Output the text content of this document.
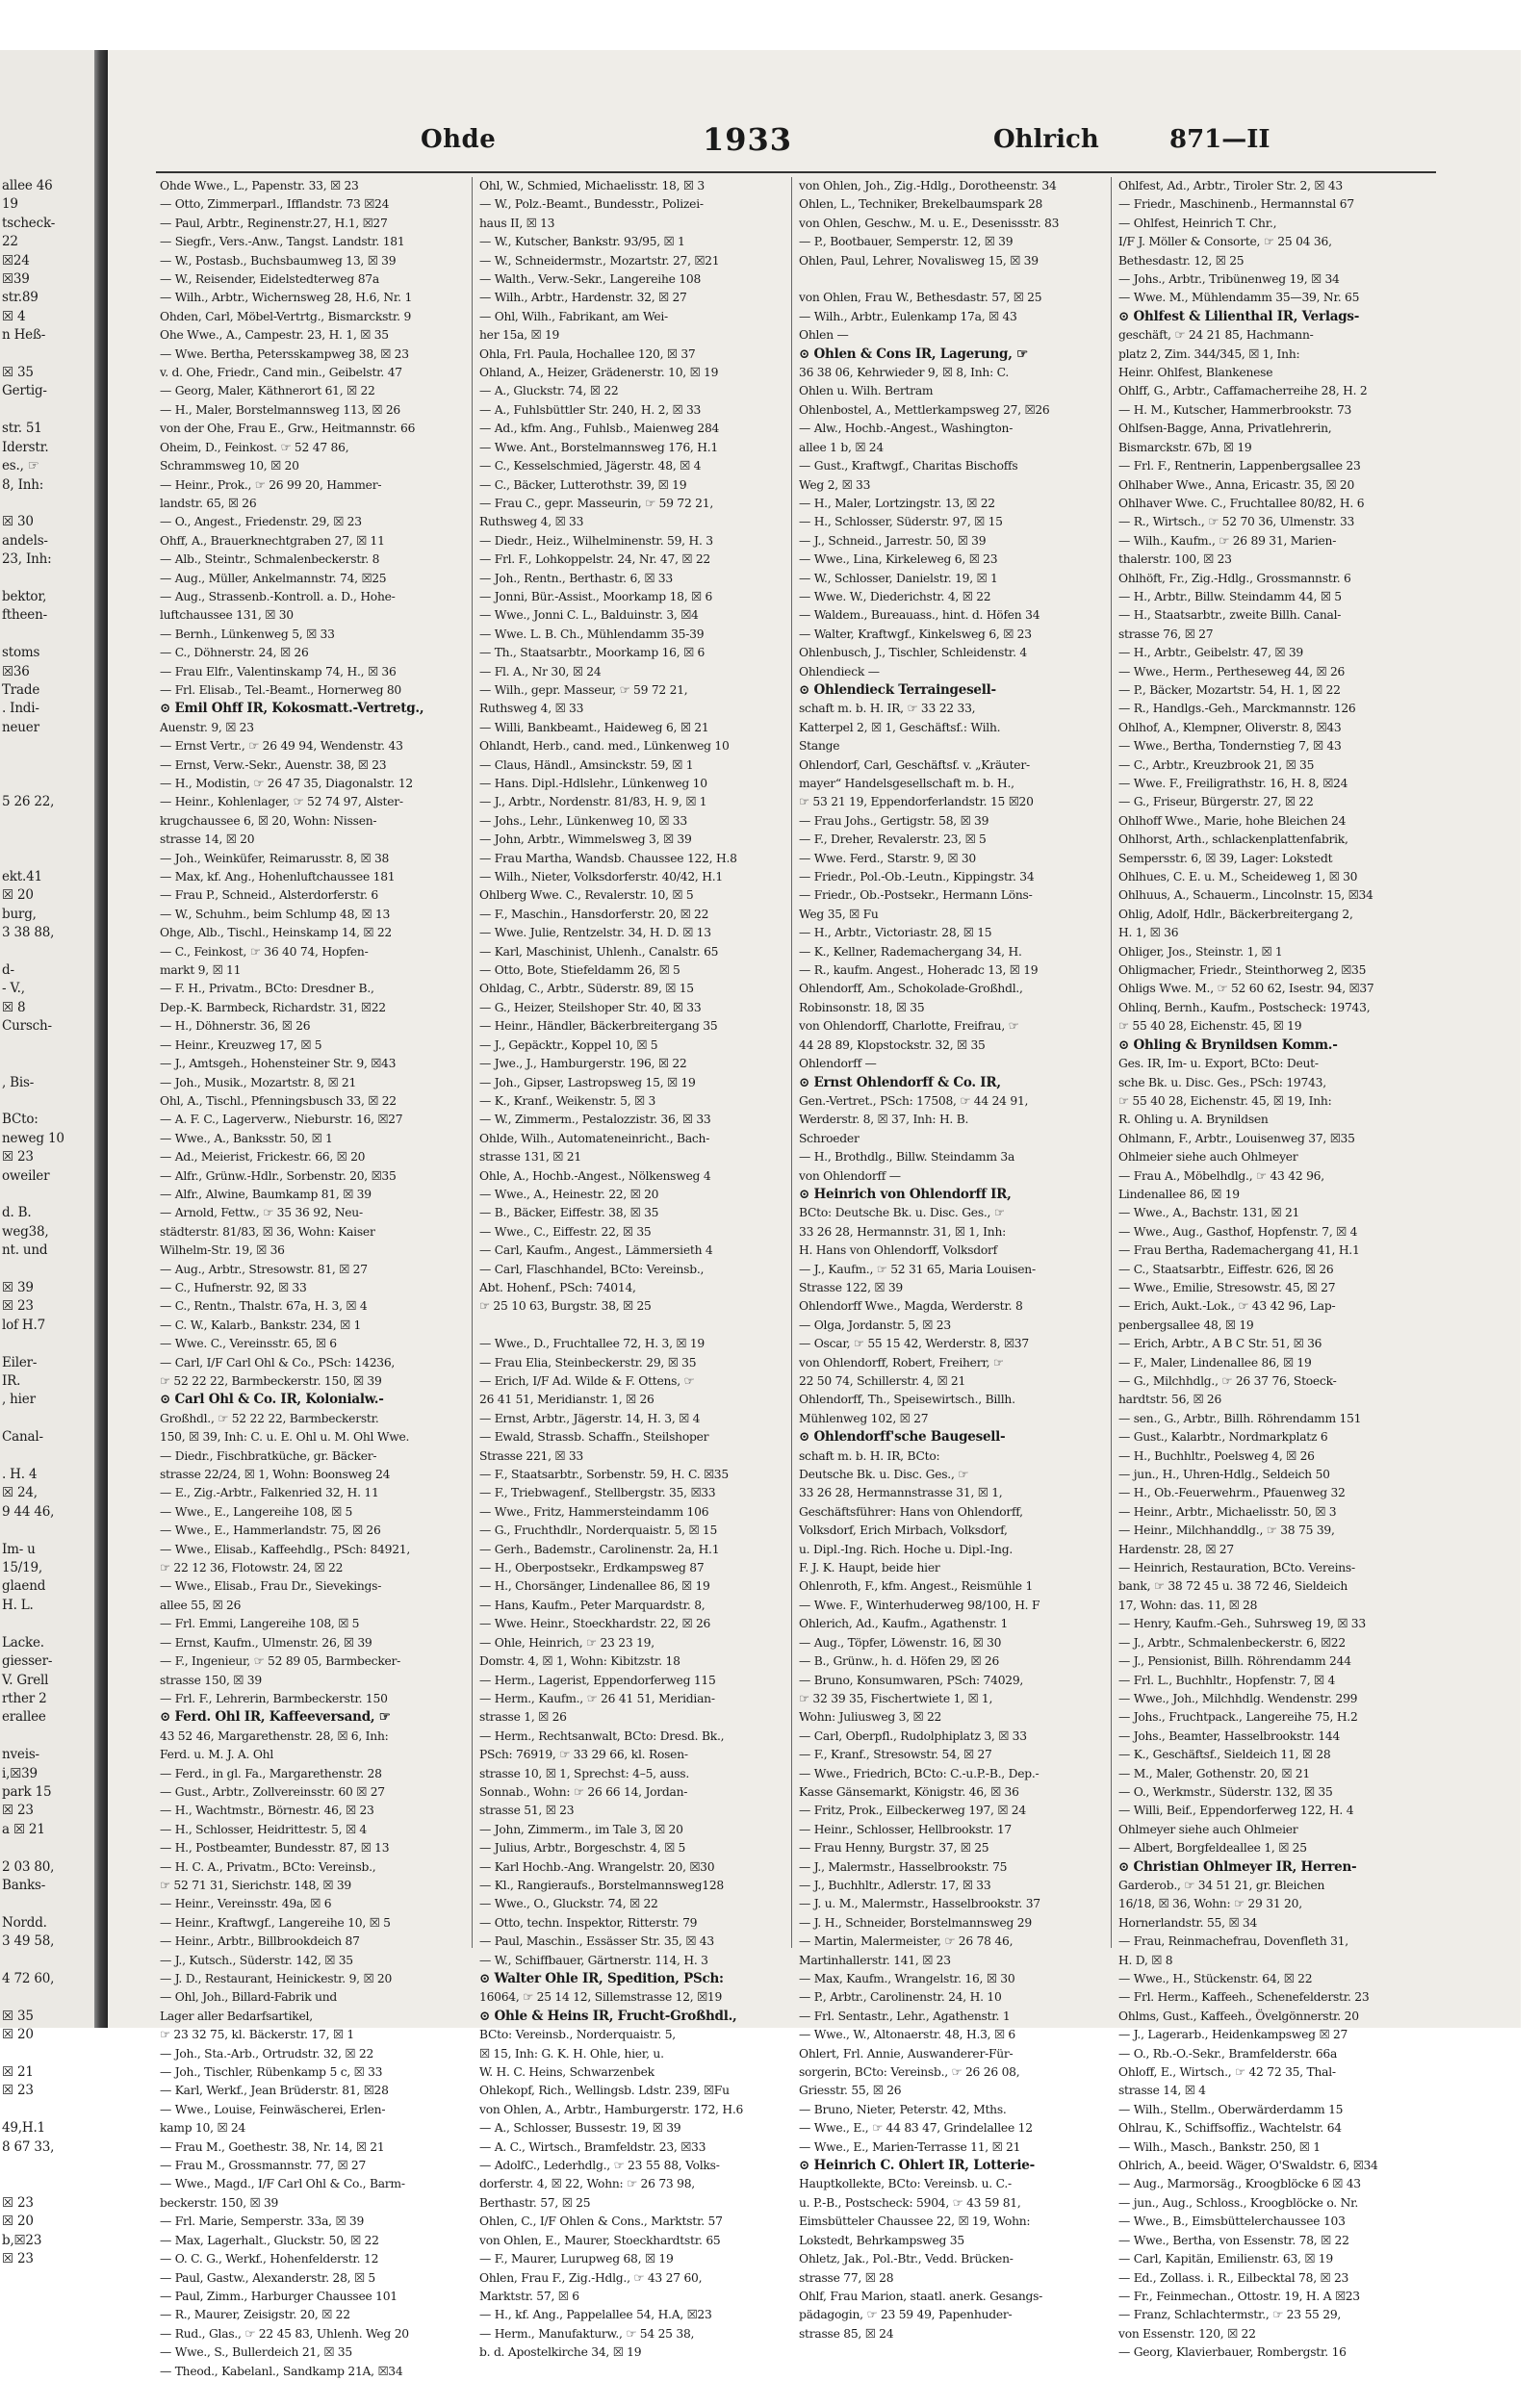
allee 46
19
tscheck-
22
☒24
☒39
str.89
☒ 4
n Heß-

☒ 35
Gertig-

str. 51
Iderstr.
es., ☞
8, Inh:

☒ 30
andels-
23, Inh:

bektor,
ftheen-

stoms
☒36
Trade
. Indi-
neuer

5 26 22,

ekt.41
☒ 20
burg,
3 38 88,

d-
- V.,
☒ 8
Cursch-

, Bis-

BCto:
neweg 10
☒ 23
oweiler

d. B.
weg38,
nt. und

☒ 39
☒ 23
lof H.7

Eiler-
IR.
, hier

Canal-

. H. 4
☒ 24,
9 44 46,

Im- u
15/19,
glaend
H. L.

Lacke.
giesser-
V. Grell
rther 2
erallee

nveis-
i,☒39
park 15
☒ 23
a ☒ 21

2 03 80,
Banks-

Nordd.
3 49 58,

4 72 60,

☒ 35
☒ 20

☒ 21
☒ 23

49,H.1
8 67 33,

☒ 23
☒ 20
b,☒23
☒ 23
Ohde	1933	Ohlrich	871—II
Ohde Wwe., L., Papenstr. 33, ☒ 23
— Otto, Zimmerparl., Ifflandstr. 73 ☒24
— Paul, Arbtr., Reginenstr.27, H.1, ☒27
— Siegfr., Vers.-Anw., Tangst. Landstr. 181
— W., Postasb., Buchsbaumweg 13, ☒ 39
— W., Reisender, Eidelstedterweg 87a
— Wilh., Arbtr., Wichernsweg 28, H.6, Nr. 1
Ohden, Carl, Möbel-Vertrtg., Bismarckstr. 9
Ohe Wwe., A., Campestr. 23, H. 1, ☒ 35
— Wwe. Bertha, Petersskampweg 38, ☒ 23
v. d. Ohe, Friedr., Cand min., Geibelstr. 47
— Georg, Maler, Käthnerort 61, ☒ 22
— H., Maler, Borstelmannsweg 113, ☒ 26
von der Ohe, Frau E., Grw., Heitmannstr. 66
Oheim, D., Feinkost. ☞ 52 47 86,
Schrammsweg 10, ☒ 20
— Heinr., Prok., ☞ 26 99 20, Hammer-
landstr. 65, ☒ 26
— O., Angest., Friedenstr. 29, ☒ 23
Ohff, A., Brauerknechtgraben 27, ☒ 11
— Alb., Steintr., Schmalenbeckerstr. 8
— Aug., Müller, Ankelmannstr. 74, ☒25
— Aug., Strassenb.-Kontroll. a. D., Hohe-
luftchaussee 131, ☒ 30
— Bernh., Lünkenweg 5, ☒ 33
— C., Döhnerstr. 24, ☒ 26
— Frau Elfr., Valentinskamp 74, H., ☒ 36
— Frl. Elisab., Tel.-Beamt., Hornerweg 80
⊙ Emil Ohff IR, Kokosmatt.-Vertretg.,
Auenstr. 9, ☒ 23
— Ernst Vertr., ☞ 26 49 94, Wendenstr. 43
— Ernst, Verw.-Sekr., Auenstr. 38, ☒ 23
— H., Modistin, ☞ 26 47 35, Diagonalstr. 12
— Heinr., Kohlenlager, ☞ 52 74 97, Alster-
krugchaussee 6, ☒ 20, Wohn: Nissen-
strasse 14, ☒ 20
— Joh., Weinküfer, Reimarusstr. 8, ☒ 38
— Max, kf. Ang., Hohenluftchaussee 181
— Frau P., Schneid., Alsterdorferstr. 6
— W., Schuhm., beim Schlump 48, ☒ 13
Ohge, Alb., Tischl., Heinskamp 14, ☒ 22
— C., Feinkost, ☞ 36 40 74, Hopfen-
markt 9, ☒ 11
— F. H., Privatm., BCto: Dresdner B.,
Dep.-K. Barmbeck, Richardstr. 31, ☒22
— H., Döhnerstr. 36, ☒ 26
— Heinr., Kreuzweg 17, ☒ 5
— J., Amtsgeh., Hohensteiner Str. 9, ☒43
— Joh., Musik., Mozartstr. 8, ☒ 21
Ohl, A., Tischl., Pfenningsbusch 33, ☒ 22
— A. F. C., Lagerverw., Nieburstr. 16, ☒27
— Wwe., A., Banksstr. 50, ☒ 1
— Ad., Meierist, Frickestr. 66, ☒ 20
— Alfr., Grünw.-Hdlr., Sorbenstr. 20, ☒35
— Alfr., Alwine, Baumkamp 81, ☒ 39
— Arnold, Fettw., ☞ 35 36 92, Neu-
städterstr. 81/83, ☒ 36, Wohn: Kaiser
Wilhelm-Str. 19, ☒ 36
— Aug., Arbtr., Stresowstr. 81, ☒ 27
— C., Hufnerstr. 92, ☒ 33
— C., Rentn., Thalstr. 67a, H. 3, ☒ 4
— C. W., Kalarb., Bankstr. 234, ☒ 1
— Wwe. C., Vereinsstr. 65, ☒ 6
— Carl, I/F Carl Ohl & Co., PSch: 14236,
☞ 52 22 22, Barmbeckerstr. 150, ☒ 39
⊙ Carl Ohl & Co. IR, Kolonialw.-
Großhdl., ☞ 52 22 22, Barmbeckerstr.
150, ☒ 39, Inh: C. u. E. Ohl u. M. Ohl Wwe.
— Diedr., Fischbratküche, gr. Bäcker-
strasse 22/24, ☒ 1, Wohn: Boonsweg 24
— E., Zig.-Arbtr., Falkenried 32, H. 11
— Wwe., E., Langereihe 108, ☒ 5
— Wwe., E., Hammerlandstr. 75, ☒ 26
— Wwe., Elisab., Kaffeehdlg., PSch: 84921,
☞ 22 12 36, Flotowstr. 24, ☒ 22
— Wwe., Elisab., Frau Dr., Sievekings-
allee 55, ☒ 26
— Frl. Emmi, Langereihe 108, ☒ 5
— Ernst, Kaufm., Ulmenstr. 26, ☒ 39
— F., Ingenieur, ☞ 52 89 05, Barmbecker-
strasse 150, ☒ 39
— Frl. F., Lehrerin, Barmbeckerstr. 150
⊙ Ferd. Ohl IR, Kaffeeversand, ☞
43 52 46, Margarethenstr. 28, ☒ 6, Inh:
Ferd. u. M. J. A. Ohl
— Ferd., in gl. Fa., Margarethenstr. 28
— Gust., Arbtr., Zollvereinsstr. 60 ☒ 27
— H., Wachtmstr., Börnestr. 46, ☒ 23
— H., Schlosser, Heidrittestr. 5, ☒ 4
— H., Postbeamter, Bundesstr. 87, ☒ 13
— H. C. A., Privatm., BCto: Vereinsb.,
☞ 52 71 31, Sierichstr. 148, ☒ 39
— Heinr., Vereinsstr. 49a, ☒ 6
— Heinr., Kraftwgf., Langereihe 10, ☒ 5
— Heinr., Arbtr., Billbrookdeich 87
— J., Kutsch., Süderstr. 142, ☒ 35
— J. D., Restaurant, Heinickestr. 9, ☒ 20
— Ohl, Joh., Billard-Fabrik und
Lager aller Bedarfsartikel,
☞ 23 32 75, kl. Bäckerstr. 17, ☒ 1
— Joh., Sta.-Arb., Ortrudstr. 32, ☒ 22
— Joh., Tischler, Rübenkamp 5 c, ☒ 33
— Karl, Werkf., Jean Brüderstr. 81, ☒28
— Wwe., Louise, Feinwäscherei, Erlen-
kamp 10, ☒ 24
— Frau M., Goethestr. 38, Nr. 14, ☒ 21
— Frau M., Grossmannstr. 77, ☒ 27
— Wwe., Magd., I/F Carl Ohl & Co., Barm-
beckerstr. 150, ☒ 39
— Frl. Marie, Semperstr. 33a, ☒ 39
— Max, Lagerhalt., Gluckstr. 50, ☒ 22
— O. C. G., Werkf., Hohenfelderstr. 12
— Paul, Gastw., Alexanderstr. 28, ☒ 5
— Paul, Zimm., Harburger Chaussee 101
— R., Maurer, Zeisigstr. 20, ☒ 22
— Rud., Glas., ☞ 22 45 83, Uhlenh. Weg 20
— Wwe., S., Bullerdeich 21, ☒ 35
— Theod., Kabelanl., Sandkamp 21A, ☒34
Ohl, W., Schmied, Michaelisstr. 18, ☒ 3
— W., Polz.-Beamt., Bundesstr., Polizei-
haus II, ☒ 13
— W., Kutscher, Bankstr. 93/95, ☒ 1
— W., Schneidermstr., Mozartstr. 27, ☒21
— Walth., Verw.-Sekr., Langereihe 108
— Wilh., Arbtr., Hardenstr. 32, ☒ 27
— Ohl, Wilh., Fabrikant, am Wei-
her 15a, ☒ 19
Ohla, Frl. Paula, Hochallee 120, ☒ 37
Ohland, A., Heizer, Grädenerstr. 10, ☒ 19
— A., Gluckstr. 74, ☒ 22
— A., Fuhlsbüttler Str. 240, H. 2, ☒ 33
— Ad., kfm. Ang., Fuhlsb., Maienweg 284
— Wwe. Ant., Borstelmannsweg 176, H.1
— C., Kesselschmied, Jägerstr. 48, ☒ 4
— C., Bäcker, Lutterothstr. 39, ☒ 19
— Frau C., gepr. Masseurin, ☞ 59 72 21,
Ruthsweg 4, ☒ 33
— Diedr., Heiz., Wilhelminenstr. 59, H. 3
— Frl. F., Lohkoppelstr. 24, Nr. 47, ☒ 22
— Joh., Rentn., Berthastr. 6, ☒ 33
— Jonni, Bür.-Assist., Moorkamp 18, ☒ 6
— Wwe., Jonni C. L., Balduinstr. 3, ☒4
— Wwe. L. B. Ch., Mühlendamm 35-39
— Th., Staatsarbtr., Moorkamp 16, ☒ 6
— Fl. A., Nr 30, ☒ 24
— Wilh., gepr. Masseur, ☞ 59 72 21,
Ruthsweg 4, ☒ 33
— Willi, Bankbeamt., Haideweg 6, ☒ 21
Ohlandt, Herb., cand. med., Lünkenweg 10
— Claus, Händl., Amsinckstr. 59, ☒ 1
— Hans. Dipl.-Hdlslehr., Lünkenweg 10
— J., Arbtr., Nordenstr. 81/83, H. 9, ☒ 1
— Johs., Lehr., Lünkenweg 10, ☒ 33
— John, Arbtr., Wimmelsweg 3, ☒ 39
— Frau Martha, Wandsb. Chaussee 122, H.8
— Wilh., Nieter, Volksdorferstr. 40/42, H.1
Ohlberg Wwe. C., Revalerstr. 10, ☒ 5
— F., Maschin., Hansdorferstr. 20, ☒ 22
— Wwe. Julie, Rentzelstr. 34, H. D. ☒ 13
— Karl, Maschinist, Uhlenh., Canalstr. 65
— Otto, Bote, Stiefeldamm 26, ☒ 5
Ohldag, C., Arbtr., Süderstr. 89, ☒ 15
— G., Heizer, Steilshoper Str. 40, ☒ 33
— Heinr., Händler, Bäckerbreitergang 35
— J., Gepäcktr., Koppel 10, ☒ 5
— Jwe., J., Hamburgerstr. 196, ☒ 22
— Joh., Gipser, Lastropsweg 15, ☒ 19
— K., Kranf., Weikenstr. 5, ☒ 3
— W., Zimmerm., Pestalozzistr. 36, ☒ 33
Ohlde, Wilh., Automateneinricht., Bach-
strasse 131, ☒ 21
Ohle, A., Hochb.-Angest., Nölkensweg 4
— Wwe., A., Heinestr. 22, ☒ 20
— B., Bäcker, Eiffestr. 38, ☒ 35
— Wwe., C., Eiffestr. 22, ☒ 35
— Carl, Kaufm., Angest., Lämmersieth 4
— Carl, Flaschhandel, BCto: Vereinsb.,
Abt. Hohenf., PSch: 74014,
☞ 25 10 63, Burgstr. 38, ☒ 25

— Wwe., D., Fruchtallee 72, H. 3, ☒ 19
— Frau Elia, Steinbeckerstr. 29, ☒ 35
— Erich, I/F Ad. Wilde & F. Ottens, ☞
26 41 51, Meridianstr. 1, ☒ 26
— Ernst, Arbtr., Jägerstr. 14, H. 3, ☒ 4
— Ewald, Strassb. Schaffn., Steilshoper
Strasse 221, ☒ 33
— F., Staatsarbtr., Sorbenstr. 59, H. C. ☒35
— F., Triebwagenf., Stellbergstr. 35, ☒33
— Wwe., Fritz, Hammersteindamm 106
— G., Fruchthdlr., Norderquaistr. 5, ☒ 15
— Gerh., Bademstr., Carolinenstr. 2a, H.1
— H., Oberpostsekr., Erdkampsweg 87
— H., Chorsänger, Lindenallee 86, ☒ 19
— Hans, Kaufm., Peter Marquardstr. 8,
— Wwe. Heinr., Stoeckhardstr. 22, ☒ 26
— Ohle, Heinrich, ☞ 23 23 19,
Domstr. 4, ☒ 1, Wohn: Kibitzstr. 18
— Herm., Lagerist, Eppendorferweg 115
— Herm., Kaufm., ☞ 26 41 51, Meridian-
strasse 1, ☒ 26
— Herm., Rechtsanwalt, BCto: Dresd. Bk.,
PSch: 76919, ☞ 33 29 66, kl. Rosen-
strasse 10, ☒ 1, Sprechst: 4–5, auss.
Sonnab., Wohn: ☞ 26 66 14, Jordan-
strasse 51, ☒ 23
— John, Zimmerm., im Tale 3, ☒ 20
— Julius, Arbtr., Borgeschstr. 4, ☒ 5
— Karl Hochb.-Ang. Wrangelstr. 20, ☒30
— Kl., Rangieraufs., Borstelmannsweg128
— Wwe., O., Gluckstr. 74, ☒ 22
— Otto, techn. Inspektor, Ritterstr. 79
— Paul, Maschin., Essässer Str. 35, ☒ 43
— W., Schiffbauer, Gärtnerstr. 114, H. 3
⊙ Walter Ohle IR, Spedition, PSch:
16064, ☞ 25 14 12, Sillemstrasse 12, ☒19
⊙ Ohle & Heins IR, Frucht-Großhdl.,
BCto: Vereinsb., Norderquaistr. 5,
☒ 15, Inh: G. K. H. Ohle, hier, u.
W. H. C. Heins, Schwarzenbek
Ohlekopf, Rich., Wellingsb. Ldstr. 239, ☒Fu
von Ohlen, A., Arbtr., Hamburgerstr. 172, H.6
— A., Schlosser, Bussestr. 19, ☒ 39
— A. C., Wirtsch., Bramfeldstr. 23, ☒33
— AdolfC., Lederhdlg., ☞ 23 55 88, Volks-
dorferstr. 4, ☒ 22, Wohn: ☞ 26 73 98,
Berthastr. 57, ☒ 25
Ohlen, C., I/F Ohlen & Cons., Marktstr. 57
von Ohlen, E., Maurer, Stoeckhardtstr. 65
— F., Maurer, Lurupweg 68, ☒ 19
Ohlen, Frau F., Zig.-Hdlg., ☞ 43 27 60,
Marktstr. 57, ☒ 6
— H., kf. Ang., Pappelallee 54, H.A, ☒23
— Herm., Manufakturw., ☞ 54 25 38,
b. d. Apostelkirche 34, ☒ 19
von Ohlen, Joh., Zig.-Hdlg., Dorotheenstr. 34
Ohlen, L., Techniker, Brekelbaumspark 28
von Ohlen, Geschw., M. u. E., Desenissstr. 83
— P., Bootbauer, Semperstr. 12, ☒ 39
Ohlen, Paul, Lehrer, Novalisweg 15, ☒ 39

von Ohlen, Frau W., Bethesdastr. 57, ☒ 25
— Wilh., Arbtr., Eulenkamp 17a, ☒ 43
Ohlen —
⊙ Ohlen & Cons IR, Lagerung, ☞
36 38 06, Kehrwieder 9, ☒ 8, Inh: C.
Ohlen u. Wilh. Bertram
Ohlenbostel, A., Mettlerkampsweg 27, ☒26
— Alw., Hochb.-Angest., Washington-
allee 1 b, ☒ 24
— Gust., Kraftwgf., Charitas Bischoffs
Weg 2, ☒ 33
— H., Maler, Lortzingstr. 13, ☒ 22
— H., Schlosser, Süderstr. 97, ☒ 15
— J., Schneid., Jarrestr. 50, ☒ 39
— Wwe., Lina, Kirkeleweg 6, ☒ 23
— W., Schlosser, Danielstr. 19, ☒ 1
— Wwe. W., Diederichstr. 4, ☒ 22
— Waldem., Bureauass., hint. d. Höfen 34
— Walter, Kraftwgf., Kinkelsweg 6, ☒ 23
Ohlenbusch, J., Tischler, Schleidenstr. 4
Ohlendieck —
⊙ Ohlendieck Terraingesell-
schaft m. b. H. IR, ☞ 33 22 33,
Katterpel 2, ☒ 1, Geschäftsf.: Wilh.
Stange
Ohlendorf, Carl, Geschäftsf. v. „Kräuter-
mayer“ Handelsgesellschaft m. b. H.,
☞ 53 21 19, Eppendorferlandstr. 15 ☒20
— Frau Johs., Gertigstr. 58, ☒ 39
— F., Dreher, Revalerstr. 23, ☒ 5
— Wwe. Ferd., Starstr. 9, ☒ 30
— Friedr., Pol.-Ob.-Leutn., Kippingstr. 34
— Friedr., Ob.-Postsekr., Hermann Löns-
Weg 35, ☒ Fu
— H., Arbtr., Victoriastr. 28, ☒ 15
— K., Kellner, Rademachergang 34, H.
— R., kaufm. Angest., Hoheradc 13, ☒ 19
Ohlendorff, Am., Schokolade-Großhdl.,
Robinsonstr. 18, ☒ 35
von Ohlendorff, Charlotte, Freifrau, ☞
44 28 89, Klopstockstr. 32, ☒ 35
Ohlendorff —
⊙ Ernst Ohlendorff & Co. IR,
Gen.-Vertret., PSch: 17508, ☞ 44 24 91,
Werderstr. 8, ☒ 37, Inh: H. B.
Schroeder
— H., Brothdlg., Billw. Steindamm 3a
von Ohlendorff —
⊙ Heinrich von Ohlendorff IR,
BCto: Deutsche Bk. u. Disc. Ges., ☞
33 26 28, Hermannstr. 31, ☒ 1, Inh:
H. Hans von Ohlendorff, Volksdorf
— J., Kaufm., ☞ 52 31 65, Maria Louisen-
Strasse 122, ☒ 39
Ohlendorff Wwe., Magda, Werderstr. 8
— Olga, Jordanstr. 5, ☒ 23
— Oscar, ☞ 55 15 42, Werderstr. 8, ☒37
von Ohlendorff, Robert, Freiherr, ☞
22 50 74, Schillerstr. 4, ☒ 21
Ohlendorff, Th., Speisewirtsch., Billh.
Mühlenweg 102, ☒ 27
⊙ Ohlendorff'sche Baugesell-
schaft m. b. H. IR, BCto:
Deutsche Bk. u. Disc. Ges., ☞
33 26 28, Hermannstrasse 31, ☒ 1,
Geschäftsführer: Hans von Ohlendorff,
Volksdorf, Erich Mirbach, Volksdorf,
u. Dipl.-Ing. Rich. Hoche u. Dipl.-Ing.
F. J. K. Haupt, beide hier
Ohlenroth, F., kfm. Angest., Reismühle 1
— Wwe. F., Winterhuderweg 98/100, H. F
Ohlerich, Ad., Kaufm., Agathenstr. 1
— Aug., Töpfer, Löwenstr. 16, ☒ 30
— B., Grünw., h. d. Höfen 29, ☒ 26
— Bruno, Konsumwaren, PSch: 74029,
☞ 32 39 35, Fischertwiete 1, ☒ 1,
Wohn: Juliusweg 3, ☒ 22
— Carl, Oberpfl., Rudolphiplatz 3, ☒ 33
— F., Kranf., Stresowstr. 54, ☒ 27
— Wwe., Friedrich, BCto: C.-u.P.-B., Dep.-
Kasse Gänsemarkt, Königstr. 46, ☒ 36
— Fritz, Prok., Eilbeckerweg 197, ☒ 24
— Heinr., Schlosser, Hellbrookstr. 17
— Frau Henny, Burgstr. 37, ☒ 25
— J., Malermstr., Hasselbrookstr. 75
— J., Buchhltr., Adlerstr. 17, ☒ 33
— J. u. M., Malermstr., Hasselbrookstr. 37
— J. H., Schneider, Borstelmannsweg 29
— Martin, Malermeister, ☞ 26 78 46,
Martinhallerstr. 141, ☒ 23
— Max, Kaufm., Wrangelstr. 16, ☒ 30
— P., Arbtr., Carolinenstr. 24, H. 10
— Frl. Sentastr., Lehr., Agathenstr. 1
— Wwe., W., Altonaerstr. 48, H.3, ☒ 6
Ohlert, Frl. Annie, Auswanderer-Für-
sorgerin, BCto: Vereinsb., ☞ 26 26 08,
Griesstr. 55, ☒ 26
— Bruno, Nieter, Peterstr. 42, Mths.
— Wwe., E., ☞ 44 83 47, Grindelallee 12
— Wwe., E., Marien-Terrasse 11, ☒ 21
⊙ Heinrich C. Ohlert IR, Lotterie-
Hauptkollekte, BCto: Vereinsb. u. C.-
u. P.-B., Postscheck: 5904, ☞ 43 59 81,
Eimsbütteler Chaussee 22, ☒ 19, Wohn:
Lokstedt, Behrkampsweg 35
Ohletz, Jak., Pol.-Btr., Vedd. Brücken-
strasse 77, ☒ 28
Ohlf, Frau Marion, staatl. anerk. Gesangs-
pädagogin, ☞ 23 59 49, Papenhuder-
strasse 85, ☒ 24
Ohlfest, Ad., Arbtr., Tiroler Str. 2, ☒ 43
— Friedr., Maschinenb., Hermannstal 67
— Ohlfest, Heinrich T. Chr.,
I/F J. Möller & Consorte, ☞ 25 04 36,
Bethesdastr. 12, ☒ 25
— Johs., Arbtr., Tribünenweg 19, ☒ 34
— Wwe. M., Mühlendamm 35—39, Nr. 65
⊙ Ohlfest & Lilienthal IR, Verlags-
geschäft, ☞ 24 21 85, Hachmann-
platz 2, Zim. 344/345, ☒ 1, Inh:
Heinr. Ohlfest, Blankenese
Ohlff, G., Arbtr., Caffamacherreihe 28, H. 2
— H. M., Kutscher, Hammerbrookstr. 73
Ohlfsen-Bagge, Anna, Privatlehrerin,
Bismarckstr. 67b, ☒ 19
— Frl. F., Rentnerin, Lappenbergsallee 23
Ohlhaber Wwe., Anna, Ericastr. 35, ☒ 20
Ohlhaver Wwe. C., Fruchtallee 80/82, H. 6
— R., Wirtsch., ☞ 52 70 36, Ulmenstr. 33
— Wilh., Kaufm., ☞ 26 89 31, Marien-
thalerstr. 100, ☒ 23
Ohlhöft, Fr., Zig.-Hdlg., Grossmannstr. 6
— H., Arbtr., Billw. Steindamm 44, ☒ 5
— H., Staatsarbtr., zweite Billh. Canal-
strasse 76, ☒ 27
— H., Arbtr., Geibelstr. 47, ☒ 39
— Wwe., Herm., Pertheseweg 44, ☒ 26
— P., Bäcker, Mozartstr. 54, H. 1, ☒ 22
— R., Handlgs.-Geh., Marckmannstr. 126
Ohlhof, A., Klempner, Oliverstr. 8, ☒43
— Wwe., Bertha, Tondernstieg 7, ☒ 43
— C., Arbtr., Kreuzbrook 21, ☒ 35
— Wwe. F., Freiligrathstr. 16, H. 8, ☒24
— G., Friseur, Bürgerstr. 27, ☒ 22
Ohlhoff Wwe., Marie, hohe Bleichen 24
Ohlhorst, Arth., schlackenplattenfabrik,
Sempersstr. 6, ☒ 39, Lager: Lokstedt
Ohlhues, C. E. u. M., Scheideweg 1, ☒ 30
Ohlhuus, A., Schauerm., Lincolnstr. 15, ☒34
Ohlig, Adolf, Hdlr., Bäckerbreitergang 2,
H. 1, ☒ 36
Ohliger, Jos., Steinstr. 1, ☒ 1
Ohligmacher, Friedr., Steinthorweg 2, ☒35
Ohligs Wwe. M., ☞ 52 60 62, Isestr. 94, ☒37
Ohlinq, Bernh., Kaufm., Postscheck: 19743,
☞ 55 40 28, Eichenstr. 45, ☒ 19
⊙ Ohling & Brynildsen Komm.-
Ges. IR, Im- u. Export, BCto: Deut-
sche Bk. u. Disc. Ges., PSch: 19743,
☞ 55 40 28, Eichenstr. 45, ☒ 19, Inh:
R. Ohling u. A. Brynildsen
Ohlmann, F., Arbtr., Louisenweg 37, ☒35
Ohlmeier siehe auch Ohlmeyer
— Frau A., Möbelhdlg., ☞ 43 42 96,
Lindenallee 86, ☒ 19
— Wwe., A., Bachstr. 131, ☒ 21
— Wwe., Aug., Gasthof, Hopfenstr. 7, ☒ 4
— Frau Bertha, Rademachergang 41, H.1
— C., Staatsarbtr., Eiffestr. 626, ☒ 26
— Wwe., Emilie, Stresowstr. 45, ☒ 27
— Erich, Aukt.-Lok., ☞ 43 42 96, Lap-
penbergsallee 48, ☒ 19
— Erich, Arbtr., A B C Str. 51, ☒ 36
— F., Maler, Lindenallee 86, ☒ 19
— G., Milchhdlg., ☞ 26 37 76, Stoeck-
hardtstr. 56, ☒ 26
— sen., G., Arbtr., Billh. Röhrendamm 151
— Gust., Kalarbtr., Nordmarkplatz 6
— H., Buchhltr., Poelsweg 4, ☒ 26
— jun., H., Uhren-Hdlg., Seldeich 50
— H., Ob.-Feuerwehrm., Pfauenweg 32
— Heinr., Arbtr., Michaelisstr. 50, ☒ 3
— Heinr., Milchhanddlg., ☞ 38 75 39,
Hardenstr. 28, ☒ 27
— Heinrich, Restauration, BCto. Vereins-
bank, ☞ 38 72 45 u. 38 72 46, Sieldeich
17, Wohn: das. 11, ☒ 28
— Henry, Kaufm.-Geh., Suhrsweg 19, ☒ 33
— J., Arbtr., Schmalenbeckerstr. 6, ☒22
— J., Pensionist, Billh. Röhrendamm 244
— Frl. L., Buchhltr., Hopfenstr. 7, ☒ 4
— Wwe., Joh., Milchhdlg. Wendenstr. 299
— Johs., Fruchtpack., Langereihe 75, H.2
— Johs., Beamter, Hasselbrookstr. 144
— K., Geschäftsf., Sieldeich 11, ☒ 28
— M., Maler, Gothenstr. 20, ☒ 21
— O., Werkmstr., Süderstr. 132, ☒ 35
— Willi, Beif., Eppendorferweg 122, H. 4
Ohlmeyer siehe auch Ohlmeier
— Albert, Borgfeldeallee 1, ☒ 25
⊙ Christian Ohlmeyer IR, Herren-
Garderob., ☞ 34 51 21, gr. Bleichen
16/18, ☒ 36, Wohn: ☞ 29 31 20,
Hornerlandstr. 55, ☒ 34
— Frau, Reinmachefrau, Dovenfleth 31,
H. D, ☒ 8
— Wwe., H., Stückenstr. 64, ☒ 22
— Frl. Herm., Kaffeeh., Schenefelderstr. 23
Ohlms, Gust., Kaffeeh., Övelgönnerstr. 20
— J., Lagerarb., Heidenkampsweg ☒ 27
— O., Rb.-O.-Sekr., Bramfelderstr. 66a
Ohloff, E., Wirtsch., ☞ 42 72 35, Thal-
strasse 14, ☒ 4
— Wilh., Stellm., Oberwärderdamm 15
Ohlrau, K., Schiffsoffiz., Wachtelstr. 64
— Wilh., Masch., Bankstr. 250, ☒ 1
Ohlrich, A., beeid. Wäger, O'Swaldstr. 6, ☒34
— Aug., Marmorsäg., Kroogblöcke 6 ☒ 43
— jun., Aug., Schloss., Kroogblöcke o. Nr.
— Wwe., B., Eimsbüttelerchaussee 103
— Wwe., Bertha, von Essenstr. 78, ☒ 22
— Carl, Kapitän, Emilienstr. 63, ☒ 19
— Ed., Zollass. i. R., Eilbecktal 78, ☒ 23
— Fr., Feinmechan., Ottostr. 19, H. A ☒23
— Franz, Schlachtermstr., ☞ 23 55 29,
von Essenstr. 120, ☒ 22
— Georg, Klavierbauer, Rombergstr. 16
